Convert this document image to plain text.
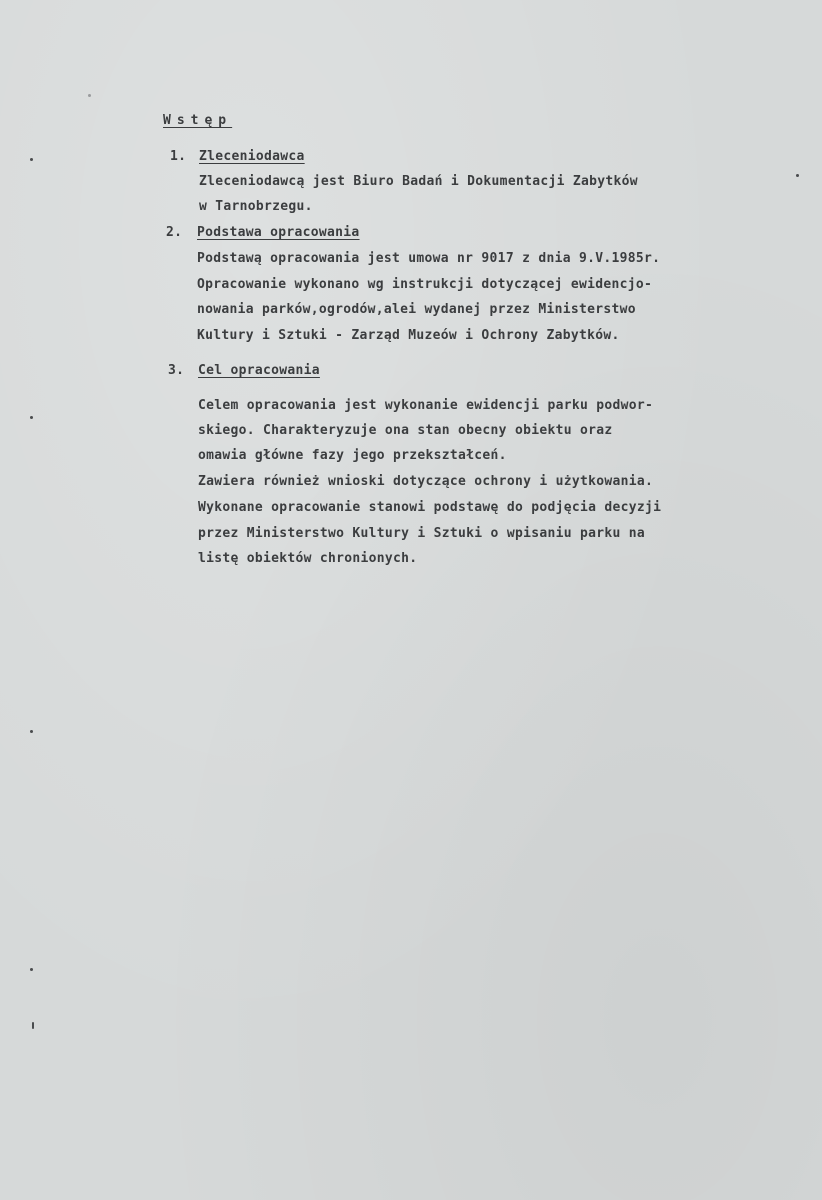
Wstęp

1. Zleceniodawca

Zleceniodawcą jest Biuro Badań i Dokumentacji Zabytków

w Tarnobrzegu.

2.	Podstawa opracowania

Podstawą opracowania jest umowa nr 9017 z dnia 9.V.1985r.

Opracowanie wykonano wg instrukcji dotyczącej ewidencjo-

nowania parków,ogrodów,alei wydanej przez Ministerstwo

Kultury i Sztuki - Zarząd Muzeów i Ochrony Zabytków.

3.	Cel opracowania

Celem opracowania jest wykonanie ewidencji parku podwor-

skiego. Charakteryzuje ona stan obecny obiektu oraz

omawia główne fazy jego przekształceń.

Zawiera również wnioski dotyczące ochrony i użytkowania.

Wykonane opracowanie stanowi podstawę do podjęcia decyzji

przez Ministerstwo Kultury i Sztuki o wpisaniu parku na

listę obiektów chronionych.
